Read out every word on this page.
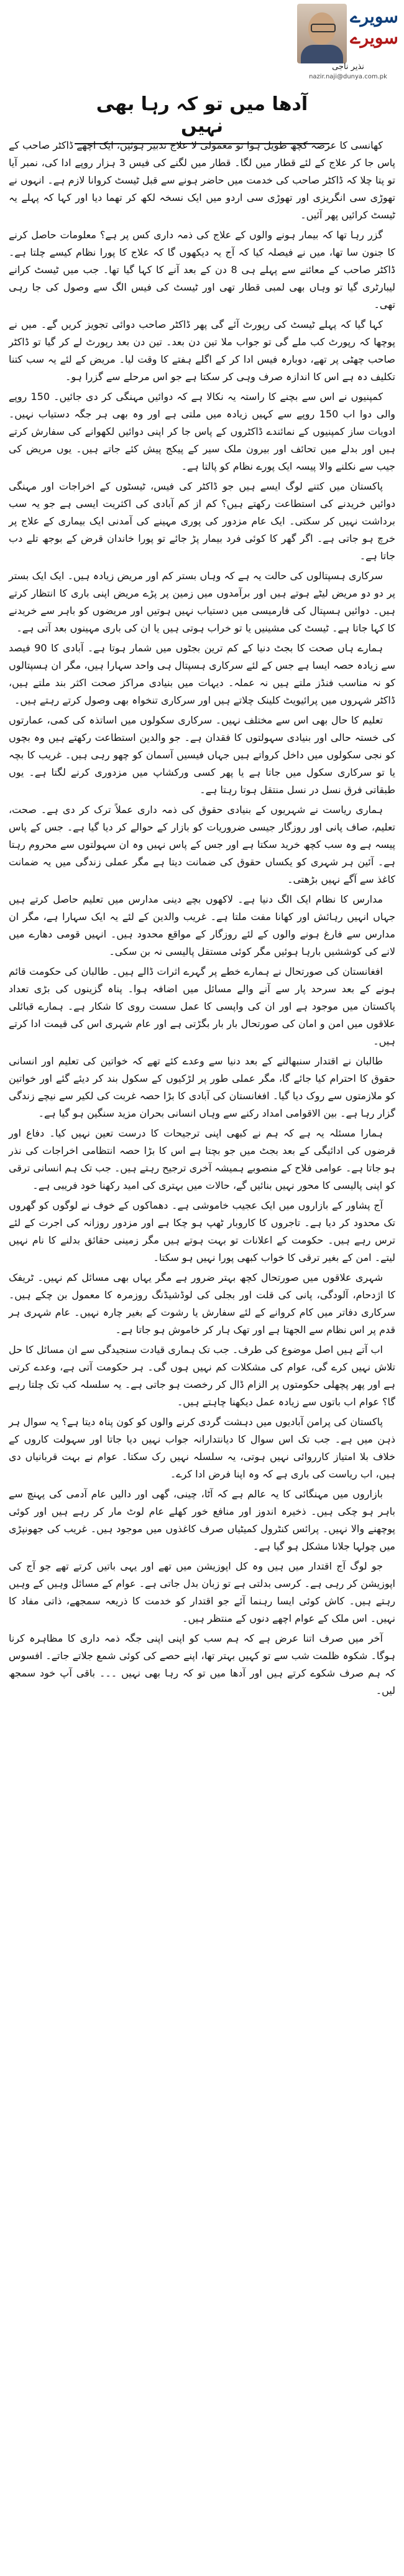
سویرے
سویرے
نذیر ناجی
nazir.naji@dunya.com.pk
آدھا میں تو کہ رہا بھی نہیں

کھانسی کا عرصہ کچھ طویل ہوا تو معمولی لا علاج تدبیر ہوئیں، ایک اچھے ڈاکٹر صاحب کے پاس جا کر علاج کے لئے قطار میں لگا۔ قطار میں لگنے کی فیس 3 ہزار روپے ادا کی، نمبر آیا تو پتا چلا کہ ڈاکٹر صاحب کی خدمت میں حاضر ہونے سے قبل ٹیسٹ کروانا لازم ہے۔ انہوں نے تھوڑی سی انگریزی اور تھوڑی سی اردو میں ایک نسخہ لکھ کر تھما دیا اور کہا کہ پہلے یہ ٹیسٹ کرائیں پھر آئیں۔

گزر رہا تھا کہ بیمار ہونے والوں کے علاج کی ذمہ داری کس پر ہے؟ معلومات حاصل کرنے کا جنون سا تھا، میں نے فیصلہ کیا کہ آج یہ دیکھوں گا کہ علاج کا پورا نظام کیسے چلتا ہے۔ ڈاکٹر صاحب کے معائنے سے پہلے ہی 8 دن کے بعد آنے کا کہا گیا تھا۔ جب میں ٹیسٹ کرانے لیبارٹری گیا تو وہاں بھی لمبی قطار تھی اور ٹیسٹ کی فیس الگ سے وصول کی جا رہی تھی۔

کہا گیا کہ پہلے ٹیسٹ کی رپورٹ آئے گی پھر ڈاکٹر صاحب دوائی تجویز کریں گے۔ میں نے پوچھا کہ رپورٹ کب ملے گی تو جواب ملا تین دن بعد۔ تین دن بعد رپورٹ لے کر گیا تو ڈاکٹر صاحب چھٹی پر تھے، دوبارہ فیس ادا کر کے اگلے ہفتے کا وقت لیا۔ مریض کے لئے یہ سب کتنا تکلیف دہ ہے اس کا اندازہ صرف وہی کر سکتا ہے جو اس مرحلے سے گزرا ہو۔

کمپنیوں نے اس سے بچنے کا راستہ یہ نکالا ہے کہ دوائیں مہنگی کر دی جائیں۔ 150 روپے والی دوا اب 150 روپے سے کہیں زیادہ میں ملتی ہے اور وہ بھی ہر جگہ دستیاب نہیں۔ ادویات ساز کمپنیوں کے نمائندے ڈاکٹروں کے پاس جا کر اپنی دوائیں لکھوانے کی سفارش کرتے ہیں اور بدلے میں تحائف اور بیرون ملک سیر کے پیکج پیش کئے جاتے ہیں۔ یوں مریض کی جیب سے نکلنے والا پیسہ ایک پورے نظام کو پالتا ہے۔

پاکستان میں کتنے لوگ ایسے ہیں جو ڈاکٹر کی فیس، ٹیسٹوں کے اخراجات اور مہنگی دوائیں خریدنے کی استطاعت رکھتے ہیں؟ کم از کم آبادی کی اکثریت ایسی ہے جو یہ سب برداشت نہیں کر سکتی۔ ایک عام مزدور کی پوری مہینے کی آمدنی ایک بیماری کے علاج پر خرچ ہو جاتی ہے۔ اگر گھر کا کوئی فرد بیمار پڑ جائے تو پورا خاندان قرض کے بوجھ تلے دب جاتا ہے۔

سرکاری ہسپتالوں کی حالت یہ ہے کہ وہاں بستر کم اور مریض زیادہ ہیں۔ ایک ایک بستر پر دو دو مریض لیٹے ہوتے ہیں اور برآمدوں میں زمین پر پڑے مریض اپنی باری کا انتظار کرتے ہیں۔ دوائیں ہسپتال کی فارمیسی میں دستیاب نہیں ہوتیں اور مریضوں کو باہر سے خریدنے کا کہا جاتا ہے۔ ٹیسٹ کی مشینیں یا تو خراب ہوتی ہیں یا ان کی باری مہینوں بعد آتی ہے۔

ہمارے ہاں صحت کا بجٹ دنیا کے کم ترین بجٹوں میں شمار ہوتا ہے۔ آبادی کا 90 فیصد سے زیادہ حصہ ایسا ہے جس کے لئے سرکاری ہسپتال ہی واحد سہارا ہیں، مگر ان ہسپتالوں کو نہ مناسب فنڈز ملتے ہیں نہ عملہ۔ دیہات میں بنیادی مراکز صحت اکثر بند ملتے ہیں، ڈاکٹر شہروں میں پرائیویٹ کلینک چلاتے ہیں اور سرکاری تنخواہ بھی وصول کرتے رہتے ہیں۔

تعلیم کا حال بھی اس سے مختلف نہیں۔ سرکاری سکولوں میں اساتذہ کی کمی، عمارتوں کی خستہ حالی اور بنیادی سہولتوں کا فقدان ہے۔ جو والدین استطاعت رکھتے ہیں وہ بچوں کو نجی سکولوں میں داخل کرواتے ہیں جہاں فیسیں آسمان کو چھو رہی ہیں۔ غریب کا بچہ یا تو سرکاری سکول میں جاتا ہے یا پھر کسی ورکشاپ میں مزدوری کرنے لگتا ہے۔ یوں طبقاتی فرق نسل در نسل منتقل ہوتا رہتا ہے۔

ہماری ریاست نے شہریوں کے بنیادی حقوق کی ذمہ داری عملاً ترک کر دی ہے۔ صحت، تعلیم، صاف پانی اور روزگار جیسی ضروریات کو بازار کے حوالے کر دیا گیا ہے۔ جس کے پاس پیسہ ہے وہ سب کچھ خرید سکتا ہے اور جس کے پاس نہیں وہ ان سہولتوں سے محروم رہتا ہے۔ آئین ہر شہری کو یکساں حقوق کی ضمانت دیتا ہے مگر عملی زندگی میں یہ ضمانت کاغذ سے آگے نہیں بڑھتی۔

مدارس کا نظام ایک الگ دنیا ہے۔ لاکھوں بچے دینی مدارس میں تعلیم حاصل کرتے ہیں جہاں انہیں رہائش اور کھانا مفت ملتا ہے۔ غریب والدین کے لئے یہ ایک سہارا ہے، مگر ان مدارس سے فارغ ہونے والوں کے لئے روزگار کے مواقع محدود ہیں۔ انہیں قومی دھارے میں لانے کی کوششیں بارہا ہوئیں مگر کوئی مستقل پالیسی نہ بن سکی۔

افغانستان کی صورتحال نے ہمارے خطے پر گہرے اثرات ڈالے ہیں۔ طالبان کی حکومت قائم ہونے کے بعد سرحد پار سے آنے والے مسائل میں اضافہ ہوا۔ پناہ گزینوں کی بڑی تعداد پاکستان میں موجود ہے اور ان کی واپسی کا عمل سست روی کا شکار ہے۔ ہمارے قبائلی علاقوں میں امن و امان کی صورتحال بار بار بگڑتی ہے اور عام شہری اس کی قیمت ادا کرتے ہیں۔

طالبان نے اقتدار سنبھالنے کے بعد دنیا سے وعدے کئے تھے کہ خواتین کی تعلیم اور انسانی حقوق کا احترام کیا جائے گا، مگر عملی طور پر لڑکیوں کے سکول بند کر دیئے گئے اور خواتین کو ملازمتوں سے روک دیا گیا۔ افغانستان کی آبادی کا بڑا حصہ غربت کی لکیر سے نیچے زندگی گزار رہا ہے۔ بین الاقوامی امداد رکنے سے وہاں انسانی بحران مزید سنگین ہو گیا ہے۔

ہمارا مسئلہ یہ ہے کہ ہم نے کبھی اپنی ترجیحات کا درست تعین نہیں کیا۔ دفاع اور قرضوں کی ادائیگی کے بعد بجٹ میں جو بچتا ہے اس کا بڑا حصہ انتظامی اخراجات کی نذر ہو جاتا ہے۔ عوامی فلاح کے منصوبے ہمیشہ آخری ترجیح رہتے ہیں۔ جب تک ہم انسانی ترقی کو اپنی پالیسی کا محور نہیں بنائیں گے، حالات میں بہتری کی امید رکھنا خود فریبی ہے۔

آج پشاور کے بازاروں میں ایک عجیب خاموشی ہے۔ دھماکوں کے خوف نے لوگوں کو گھروں تک محدود کر دیا ہے۔ تاجروں کا کاروبار ٹھپ ہو چکا ہے اور مزدور روزانہ کی اجرت کے لئے ترس رہے ہیں۔ حکومت کے اعلانات تو بہت ہوتے ہیں مگر زمینی حقائق بدلنے کا نام نہیں لیتے۔ امن کے بغیر ترقی کا خواب کبھی پورا نہیں ہو سکتا۔

شہری علاقوں میں صورتحال کچھ بہتر ضرور ہے مگر یہاں بھی مسائل کم نہیں۔ ٹریفک کا اژدحام، آلودگی، پانی کی قلت اور بجلی کی لوڈشیڈنگ روزمرہ کا معمول بن چکے ہیں۔ سرکاری دفاتر میں کام کروانے کے لئے سفارش یا رشوت کے بغیر چارہ نہیں۔ عام شہری ہر قدم پر اس نظام سے الجھتا ہے اور تھک ہار کر خاموش ہو جاتا ہے۔

اب آتے ہیں اصل موضوع کی طرف۔ جب تک ہماری قیادت سنجیدگی سے ان مسائل کا حل تلاش نہیں کرے گی، عوام کی مشکلات کم نہیں ہوں گی۔ ہر حکومت آتی ہے، وعدے کرتی ہے اور پھر پچھلی حکومتوں پر الزام ڈال کر رخصت ہو جاتی ہے۔ یہ سلسلہ کب تک چلتا رہے گا؟ عوام اب باتوں سے زیادہ عمل دیکھنا چاہتے ہیں۔

پاکستان کی پرامن آبادیوں میں دہشت گردی کرنے والوں کو کون پناہ دیتا ہے؟ یہ سوال ہر ذہن میں ہے۔ جب تک اس سوال کا دیانتدارانہ جواب نہیں دیا جاتا اور سہولت کاروں کے خلاف بلا امتیاز کارروائی نہیں ہوتی، یہ سلسلہ نہیں رک سکتا۔ عوام نے بہت قربانیاں دی ہیں، اب ریاست کی باری ہے کہ وہ اپنا فرض ادا کرے۔

بازاروں میں مہنگائی کا یہ عالم ہے کہ آٹا، چینی، گھی اور دالیں عام آدمی کی پہنچ سے باہر ہو چکی ہیں۔ ذخیرہ اندوز اور منافع خور کھلے عام لوٹ مار کر رہے ہیں اور کوئی پوچھنے والا نہیں۔ پرائس کنٹرول کمیٹیاں صرف کاغذوں میں موجود ہیں۔ غریب کی جھونپڑی میں چولہا جلانا مشکل ہو گیا ہے۔

جو لوگ آج اقتدار میں ہیں وہ کل اپوزیشن میں تھے اور یہی باتیں کرتے تھے جو آج کی اپوزیشن کر رہی ہے۔ کرسی بدلتی ہے تو زبان بدل جاتی ہے۔ عوام کے مسائل وہیں کے وہیں رہتے ہیں۔ کاش کوئی ایسا رہنما آئے جو اقتدار کو خدمت کا ذریعہ سمجھے، ذاتی مفاد کا نہیں۔ اس ملک کے عوام اچھے دنوں کے منتظر ہیں۔

آخر میں صرف اتنا عرض ہے کہ ہم سب کو اپنی اپنی جگہ ذمہ داری کا مظاہرہ کرنا ہوگا۔ شکوہ ظلمت شب سے تو کہیں بہتر تھا، اپنے حصے کی کوئی شمع جلاتے جاتے۔ افسوس کہ ہم صرف شکوے کرتے ہیں اور آدھا میں تو کہ رہا بھی نہیں ۔۔۔ باقی آپ خود سمجھ لیں۔
